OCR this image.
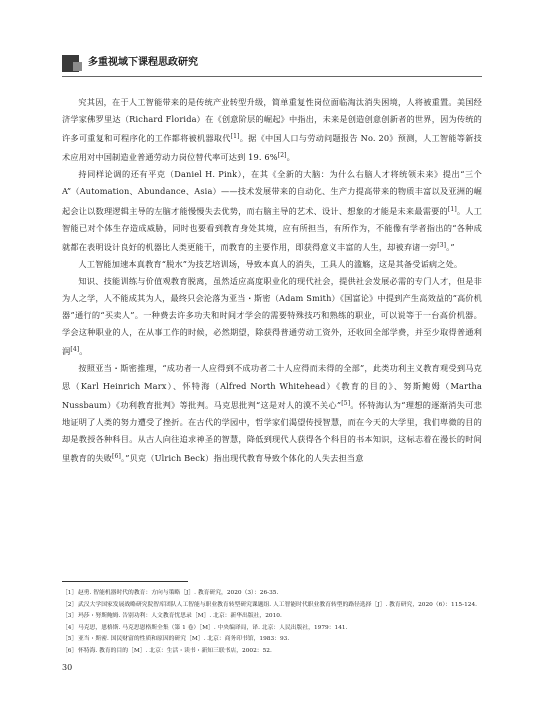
多重视域下课程思政研究

究其因，在于人工智能带来的是传统产业转型升级，简单重复性岗位面临淘汰消失困境，人将被重置。美国经济学家佛罗里达（Richard Florida）在《创意阶层的崛起》中指出，未来是创造创意创新者的世界，因为传统的许多可重复和可程序化的工作都将被机器取代[1]。据《中国人口与劳动问题报告 No. 20》预测，人工智能等新技术应用对中国制造业普通劳动力岗位替代率可达到 19. 6%[2]。

持同样论调的还有平克（Daniel H. Pink），在其《全新的大脑：为什么右脑人才将统领未来》提出“三个 A”（Automation、Abundance、Asia）——技术发展带来的自动化、生产力提高带来的物质丰富以及亚洲的崛起会让以数理逻辑主导的左脑才能慢慢失去优势，而右脑主导的艺术、设计、想象的才能是未来最需要的[1]。人工智能已对个体生存造成威胁，同时也要看到教育身处其境，应有所担当，有所作为，不能像有学者指出的“各种成就都在表明设计良好的机器比人类更能干，而教育的主要作用，即获得意义丰富的人生，却被弃诸一旁[3]。”

人工智能加速本真教育“脱水”为技艺培训场，导致本真人的消失，工具人的滥觞，这是其备受诟病之处。

知识、技能训练与价值观教育脱离，虽然适应高度职业化的现代社会，提供社会发展必需的专门人才，但是非为人之学，人不能成其为人，最终只会沦落为亚当・斯密（Adam Smith）《国富论》中提到产生高效益的“高价机器”通行的“买卖人”。一种费去许多功夫和时间才学会的需要特殊技巧和熟练的职业，可以说等于一台高价机器。学会这种职业的人，在从事工作的时候，必然期望，除获得普通劳动工资外，还收回全部学费，并至少取得普通利润[4]。

按照亚当・斯密推理，“成功者一人应得到不成功者二十人应得而未得的全部”，此类功利主义教育观受到马克思（Karl Heinrich Marx）、怀特海（Alfred North Whitehead）《教育的目的》、努斯鲍姆（Martha Nussbaum）《功利教育批判》等批判。马克思批判“这是对人的漠不关心”[5]。怀特海认为“理想的逐渐消失可悲地证明了人类的努力遭受了挫折。在古代的学园中，哲学家们渴望传授智慧，而在今天的大学里，我们卑微的目的却是教授各种科目。从古人向往追求神圣的智慧，降低到现代人获得各个科目的书本知识，这标志着在漫长的时间里教育的失败[6]。”贝克（Ulrich Beck）指出现代教育导致个体化的人失去担当意

［1］赵勇. 智能机器时代的教育：方向与策略［J］. 教育研究，2020（3）：26-35.

［2］武汉大学国家发展战略研究院智库团队人工智能与职业教育转型研究课题组. 人工智能时代职业教育转型的路径选择［J］. 教育研究，2020（6）：115-124.

［3］玛莎・努斯鲍姆. 告别功利：人文教育忧思录［M］. 北京：新华出版社，2010.

［4］马克思，恩格斯. 马克思恩格斯全集（第 1 卷）［M］. 中央编译局，译. 北京：人民出版社，1979：141.

［5］亚当・斯密. 国民财富的性质和原因的研究［M］. 北京：商务印书馆，1983：93.

［6］怀特海. 教育的目的［M］. 北京：生活・读书・新知三联书店，2002：52.

30
